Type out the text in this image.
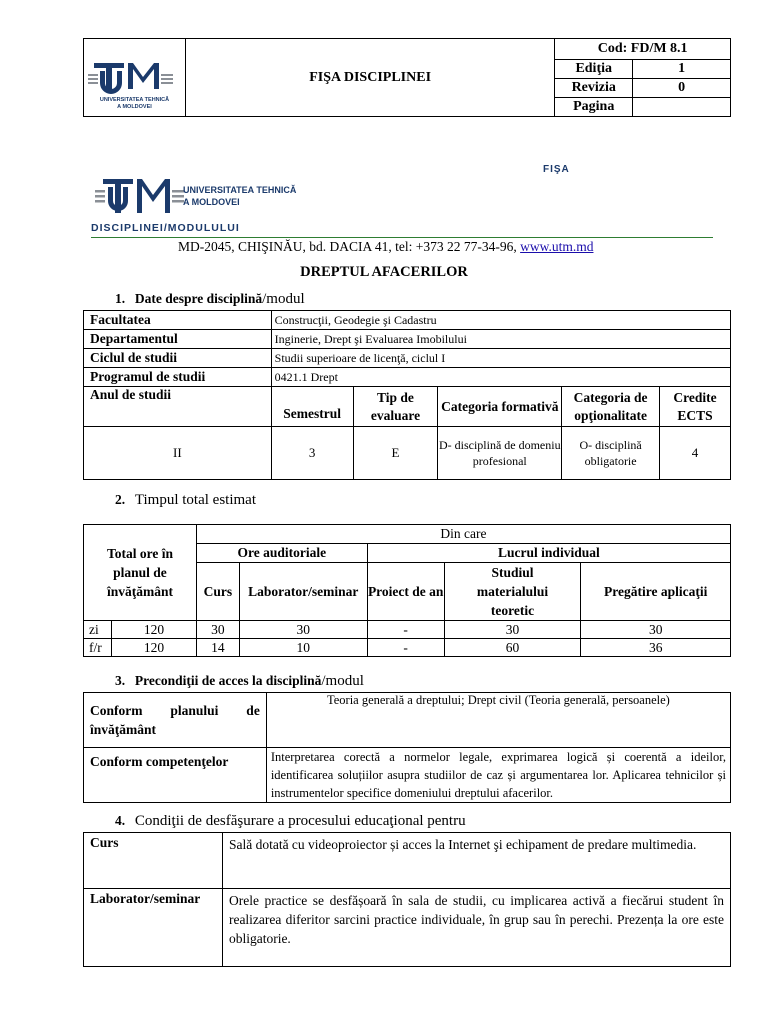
UNIVERSITATEA TEHNICĂ
A MOLDOVEI	FIŞA DISCIPLINEI	Cod: FD/M 8.1	
		Ediţia	1
		Revizia	0
		Pagina	
FIŞA
UNIVERSITATEA TEHNICĂ
A MOLDOVEI
DISCIPLINEI/MODULULUI
MD-2045, CHIŞINĂU, bd. DACIA 41, tel: +373 22 77-34-96, www.utm.md
DREPTUL AFACERILOR
1. Date despre disciplină/modul
Facultatea	Construcţii, Geodegie şi Cadastru				
Departamentul	Inginerie, Drept şi Evaluarea Imobilului				
Ciclul de studii	Studii superioare de licenţă, ciclul I				
Programul de studii	0421.1 Drept				
Anul de studii	Semestrul	Tip de evaluare	Categoria formativă	Categoria de opţionalitate	Credite ECTS
II	3	E	D- disciplină de domeniu profesional	O- disciplină obligatorie	4
2. Timpul total estimat
Total ore în planul de învăţământ		Din care				
		Ore auditoriale		Lucrul individual		
		Curs	Laborator/seminar	Proiect de an	Studiul materialului teoretic	Pregătire aplicaţii
zi	120	30	30	-	30	30
f/r	120	14	10	-	60	36
3. Precondiţii de acces la disciplină/modul
Conform planului de învăţământ	Teoria generală a dreptului; Drept civil (Teoria generală, persoanele)
Conform competenţelor	Interpretarea corectă a normelor legale, exprimarea logică și coerentă a ideilor, identificarea soluțiilor asupra studiilor de caz și argumentarea lor. Aplicarea tehnicilor și instrumentelor specifice domeniului dreptului afacerilor.
4. Condiţii de desfăşurare a procesului educaţional pentru
Curs	Sală dotată cu videoproiector și acces la Internet şi echipament de predare multimedia.
Laborator/seminar	Orele practice se desfășoară în sala de studii, cu implicarea activă a fiecărui student în realizarea diferitor sarcini practice individuale, în grup sau în perechi. Prezența la ore este obligatorie.
